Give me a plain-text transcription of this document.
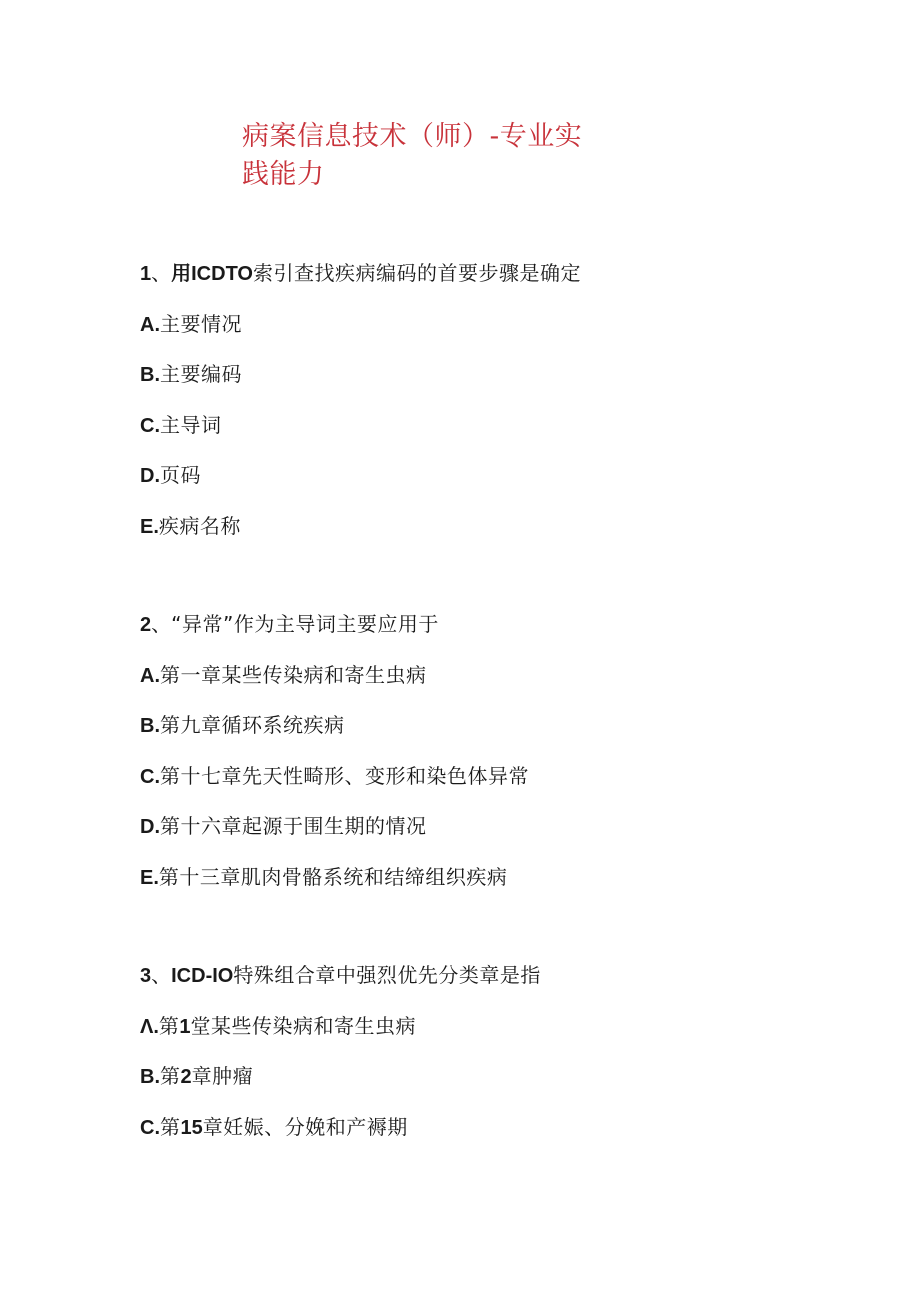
病案信息技术（师）-专业实践能力
1、用ICDTO索引查找疾病编码的首要步骤是确定
A.主要情况
B.主要编码
C.主导词
D.页码
E.疾病名称
2、“异常”作为主导词主要应用于
A.第一章某些传染病和寄生虫病
B.第九章循环系统疾病
C.第十七章先天性畸形、变形和染色体异常
D.第十六章起源于围生期的情况
E.第十三章肌肉骨骼系统和结缔组织疾病
3、ICD-IO特殊组合章中强烈优先分类章是指
Λ.第1堂某些传染病和寄生虫病
B.第2章肿瘤
C.第15章妊娠、分娩和产褥期
